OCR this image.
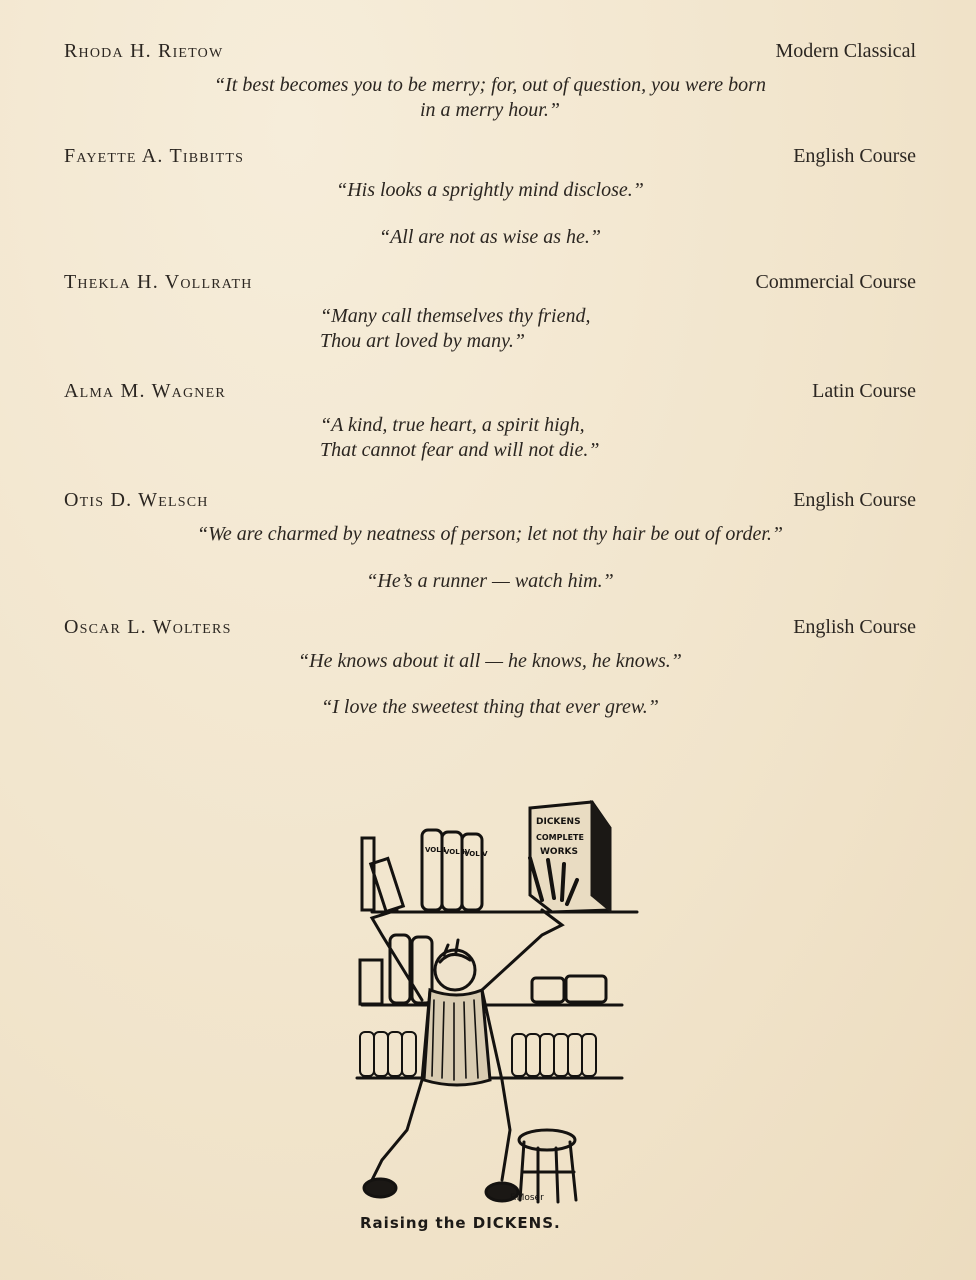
Rhoda H. Rietow	Modern Classical
“It best becomes you to be merry; for, out of question, you were born
in a merry hour.”
Fayette A. Tibbitts	English Course
“His looks a sprightly mind disclose.”
“All are not as wise as he.”
Thekla H. Vollrath	Commercial Course
“Many call themselves thy friend,
Thou art loved by many.”
Alma M. Wagner	Latin Course
“A kind, true heart, a spirit high,
That cannot fear and will not die.”
Otis D. Welsch	English Course
“We are charmed by neatness of person; let not thy hair be out of order.”
“He’s a runner — watch him.”
Oscar L. Wolters	English Course
“He knows about it all — he knows, he knows.”
“I love the sweetest thing that ever grew.”
VOL I
VOL IV
VOL V
DICKENS
COMPLETE
WORKS
F.Moser
Raising the DICKENS.
